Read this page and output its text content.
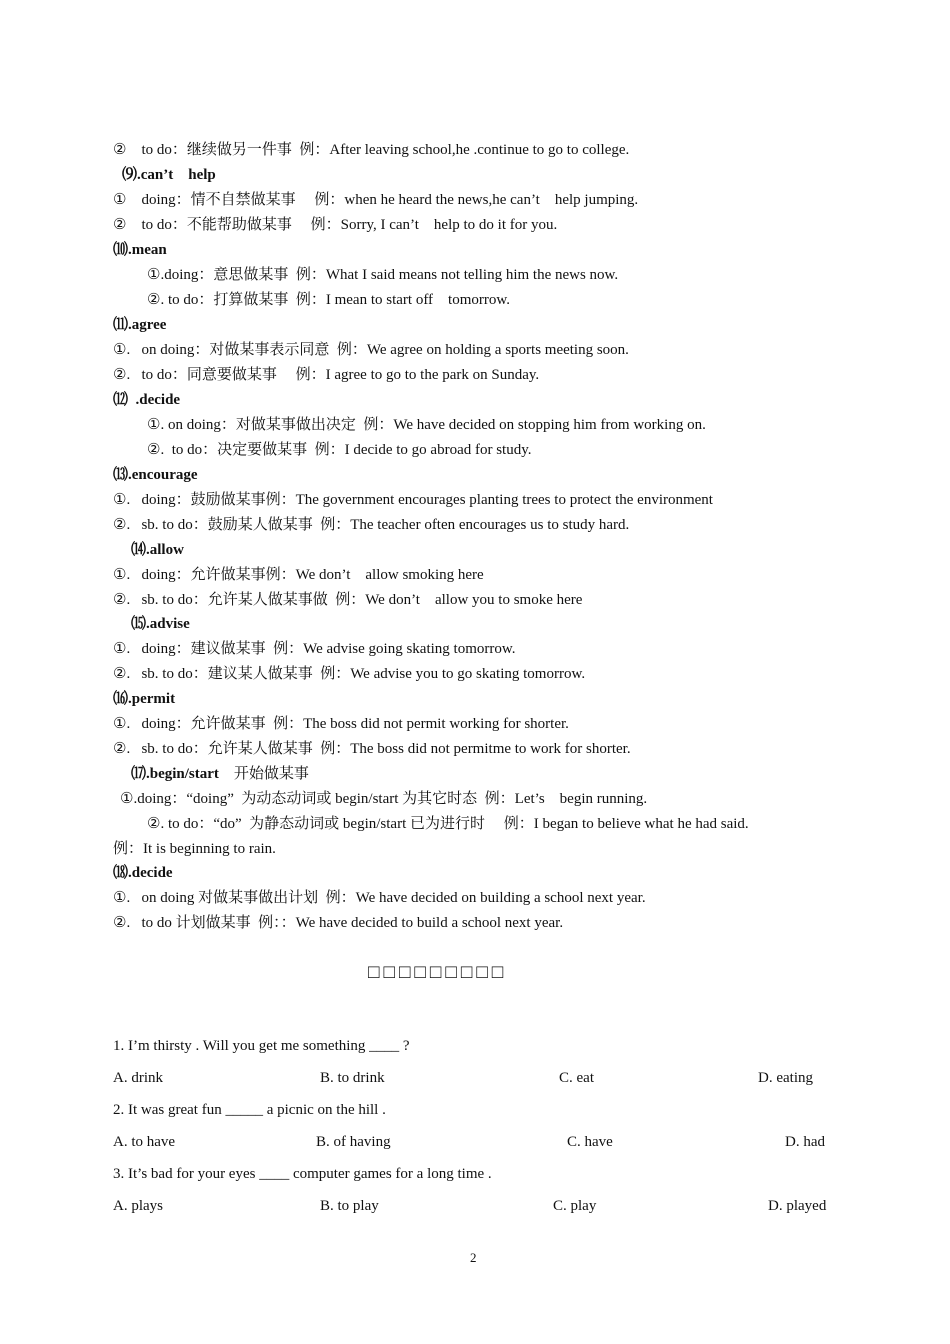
②    to do：继续做另一件事  例：After leaving school,he .continue to go to college.
⑼.can’t    help
①    doing：情不自禁做某事     例：when he heard the news,he can’t    help jumping.
②    to do：不能帮助做某事     例：Sorry, I can’t    help to do it for you.
⑽.mean
①.doing：意思做某事  例：What I said means not telling him the news now.
②. to do：打算做某事  例：I mean to start off    tomorrow.
⑾.agree
①.   on doing：对做某事表示同意  例：We agree on holding a sports meeting soon.
②.   to do：同意要做某事     例：I agree to go to the park on Sunday.
⑿  .decide
①. on doing：对做某事做出决定  例：We have decided on stopping him from working on.
②.  to do：决定要做某事  例：I decide to go abroad for study.
⒀.encourage
①.   doing：鼓励做某事例：The government encourages planting trees to protect the environment
②.   sb. to do：鼓励某人做某事  例：The teacher often encourages us to study hard.
⒁.allow
①.   doing：允许做某事例：We don’t    allow smoking here
②.   sb. to do：允许某人做某事做  例：We don’t    allow you to smoke here
⒂.advise
①.   doing：建议做某事  例：We advise going skating tomorrow.
②.   sb. to do：建议某人做某事  例：We advise you to go skating tomorrow.
⒃.permit
①.   doing：允许做某事  例：The boss did not permit working for shorter.
②.   sb. to do：允许某人做某事  例：The boss did not permitme to work for shorter.
⒄.begin/start    开始做某事
①.doing：“doing”  为动态动词或 begin/start 为其它时态  例：Let’s    begin running.
②. to do：“do”  为静态动词或 begin/start 已为进行时     例：I began to believe what he had said.
例：It is beginning to rain.
⒅.decide
①.   on doing 对做某事做出计划  例：We have decided on building a school next year.
②.   to do 计划做某事  例：：We have decided to build a school next year.
□□□□□□□□□
1. I’m thirsty . Will you get me something ____ ?
A. drink	B. to drink	C. eat	D. eating
2. It was great fun _____ a picnic on the hill .
A. to have	B. of having	C. have	D. had
3. It’s bad for your eyes ____ computer games for a long time .
A. plays	B. to play	C. play	D. played
2
